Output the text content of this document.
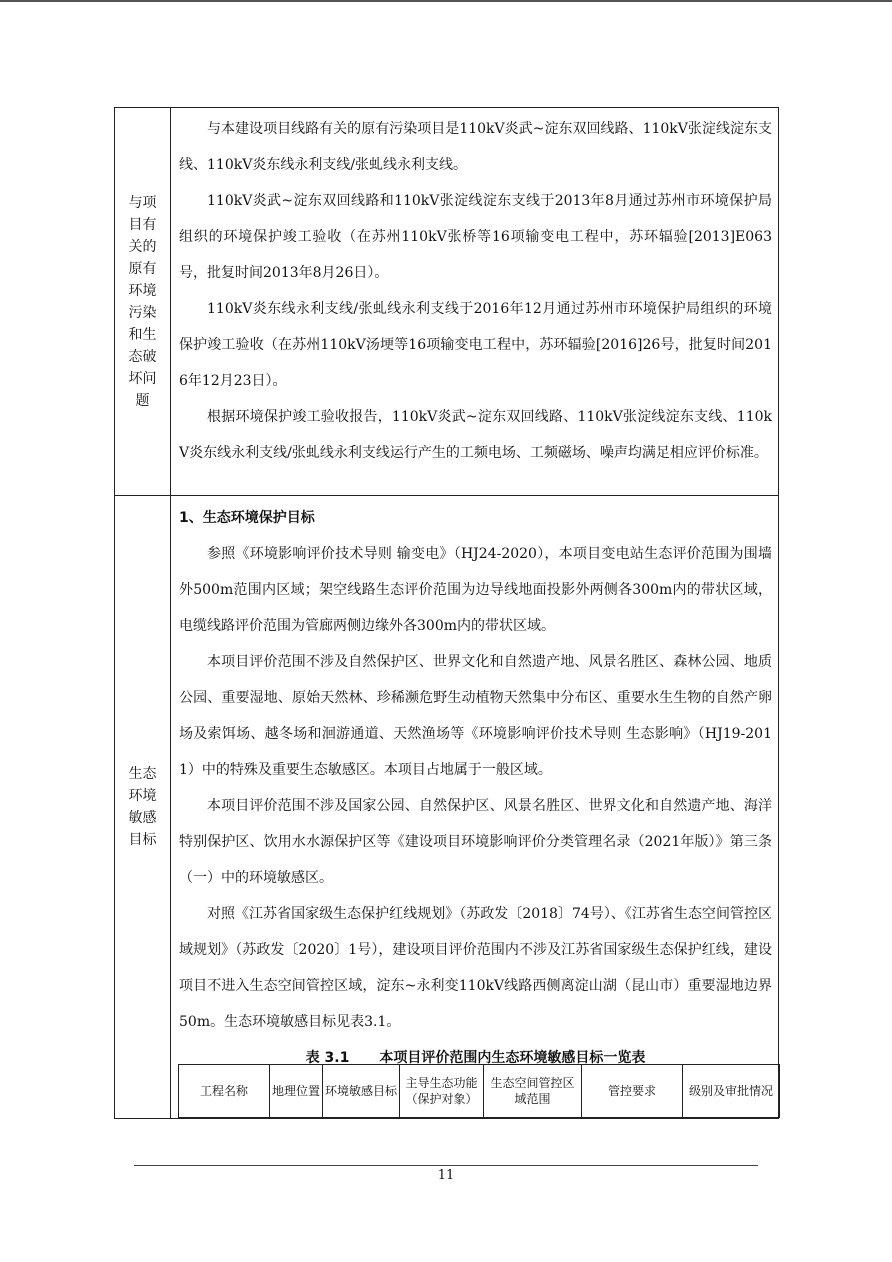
与项目有关的原有环境污染和生态破坏问题

与本建设项目线路有关的原有污染项目是110kV炎武~淀东双回线路、110kV张淀线淀东支线、110kV炎东线永利支线/张虬线永利支线。

110kV炎武~淀东双回线路和110kV张淀线淀东支线于2013年8月通过苏州市环境保护局组织的环境保护竣工验收（在苏州110kV张桥等16项输变电工程中，苏环辐验[2013]E063号，批复时间2013年8月26日）。

110kV炎东线永利支线/张虬线永利支线于2016年12月通过苏州市环境保护局组织的环境保护竣工验收（在苏州110kV汤埂等16项输变电工程中，苏环辐验[2016]26号，批复时间2016年12月23日）。

根据环境保护竣工验收报告，110kV炎武~淀东双回线路、110kV张淀线淀东支线、110kV炎东线永利支线/张虬线永利支线运行产生的工频电场、工频磁场、噪声均满足相应评价标准。

生态环境敏感目标

1、生态环境保护目标

参照《环境影响评价技术导则 输变电》（HJ24-2020），本项目变电站生态评价范围为围墙外500m范围内区域；架空线路生态评价范围为边导线地面投影外两侧各300m内的带状区域，电缆线路评价范围为管廊两侧边缘外各300m内的带状区域。

本项目评价范围不涉及自然保护区、世界文化和自然遗产地、风景名胜区、森林公园、地质公园、重要湿地、原始天然林、珍稀濒危野生动植物天然集中分布区、重要水生生物的自然产卵场及索饵场、越冬场和洄游通道、天然渔场等《环境影响评价技术导则 生态影响》（HJ19-2011）中的特殊及重要生态敏感区。本项目占地属于一般区域。

本项目评价范围不涉及国家公园、自然保护区、风景名胜区、世界文化和自然遗产地、海洋特别保护区、饮用水水源保护区等《建设项目环境影响评价分类管理名录（2021年版）》第三条（一）中的环境敏感区。

对照《江苏省国家级生态保护红线规划》（苏政发〔2018〕74号）、《江苏省生态空间管控区域规划》（苏政发〔2020〕1号），建设项目评价范围内不涉及江苏省国家级生态保护红线，建设项目不进入生态空间管控区域，淀东~永利变110kV线路西侧离淀山湖（昆山市）重要湿地边界50m。生态环境敏感目标见表3.1。

表 3.1 本项目评价范围内生态环境敏感目标一览表

工程名称	地理位置	环境敏感目标	主导生态功能（保护对象）	生态空间管控区域范围	管控要求	级别及审批情况
11
